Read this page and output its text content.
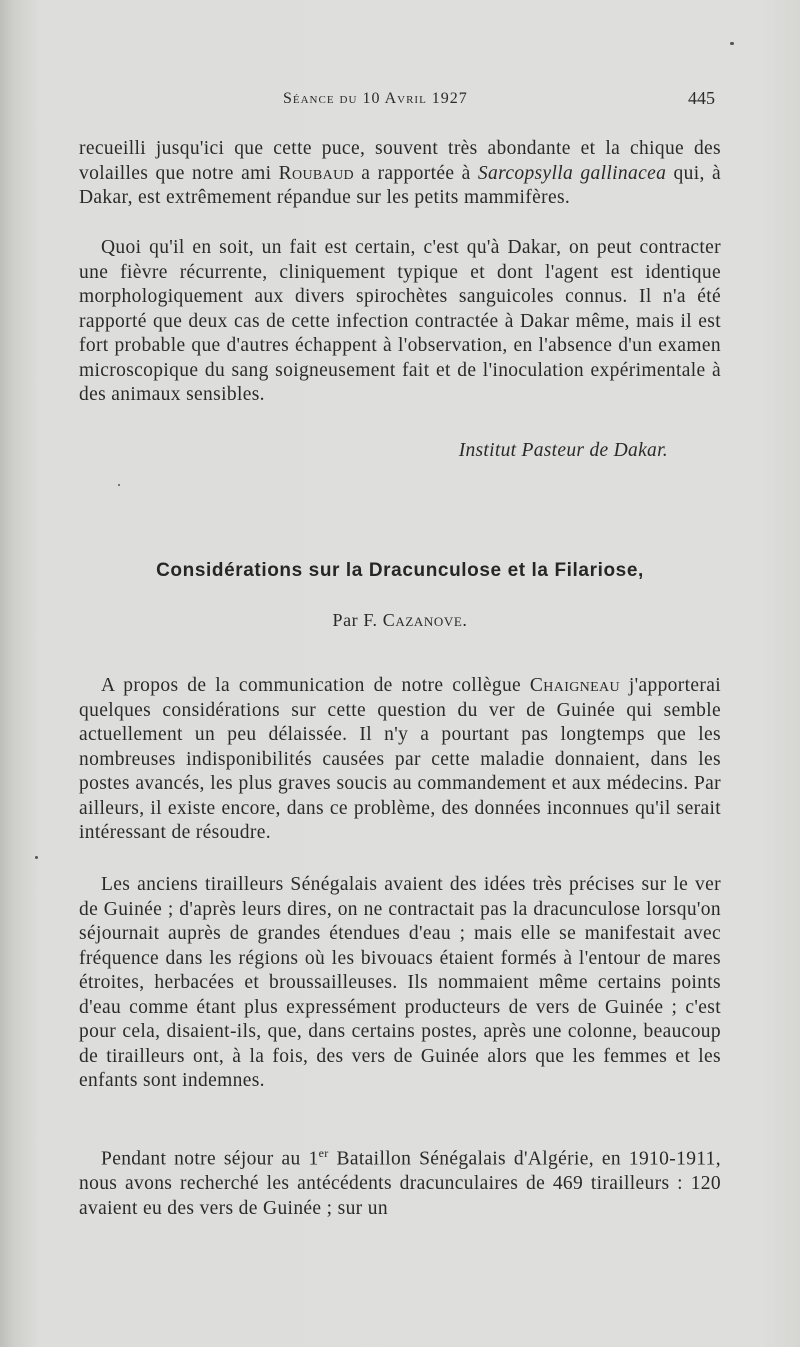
Séance du 10 Avril 1927	445

recueilli jusqu'ici que cette puce, souvent très abondante et la chique des volailles que notre ami Roubaud a rapportée à Sarcopsylla gallinacea qui, à Dakar, est extrêmement répandue sur les petits mammifères.

Quoi qu'il en soit, un fait est certain, c'est qu'à Dakar, on peut contracter une fièvre récurrente, cliniquement typique et dont l'agent est identique morphologiquement aux divers spirochètes sanguicoles connus. Il n'a été rapporté que deux cas de cette infection contractée à Dakar même, mais il est fort probable que d'autres échappent à l'observation, en l'absence d'un examen microscopique du sang soigneusement fait et de l'inoculation expérimentale à des animaux sensibles.

Institut Pasteur de Dakar.
Considérations sur la Dracunculose et la Filariose,
Par F. Cazanove.

A propos de la communication de notre collègue Chaigneau j'apporterai quelques considérations sur cette question du ver de Guinée qui semble actuellement un peu délaissée. Il n'y a pourtant pas longtemps que les nombreuses indisponibilités causées par cette maladie donnaient, dans les postes avancés, les plus graves soucis au commandement et aux médecins. Par ailleurs, il existe encore, dans ce problème, des données inconnues qu'il serait intéressant de résoudre.

Les anciens tirailleurs Sénégalais avaient des idées très précises sur le ver de Guinée ; d'après leurs dires, on ne contractait pas la dracunculose lorsqu'on séjournait auprès de grandes étendues d'eau ; mais elle se manifestait avec fréquence dans les régions où les bivouacs étaient formés à l'entour de mares étroites, herbacées et broussailleuses. Ils nommaient même certains points d'eau comme étant plus expressément producteurs de vers de Guinée ; c'est pour cela, disaient-ils, que, dans certains postes, après une colonne, beaucoup de tirailleurs ont, à la fois, des vers de Guinée alors que les femmes et les enfants sont indemnes.

Pendant notre séjour au 1er Bataillon Sénégalais d'Algérie, en 1910-1911, nous avons recherché les antécédents dracunculaires de 469 tirailleurs : 120 avaient eu des vers de Guinée ; sur un
